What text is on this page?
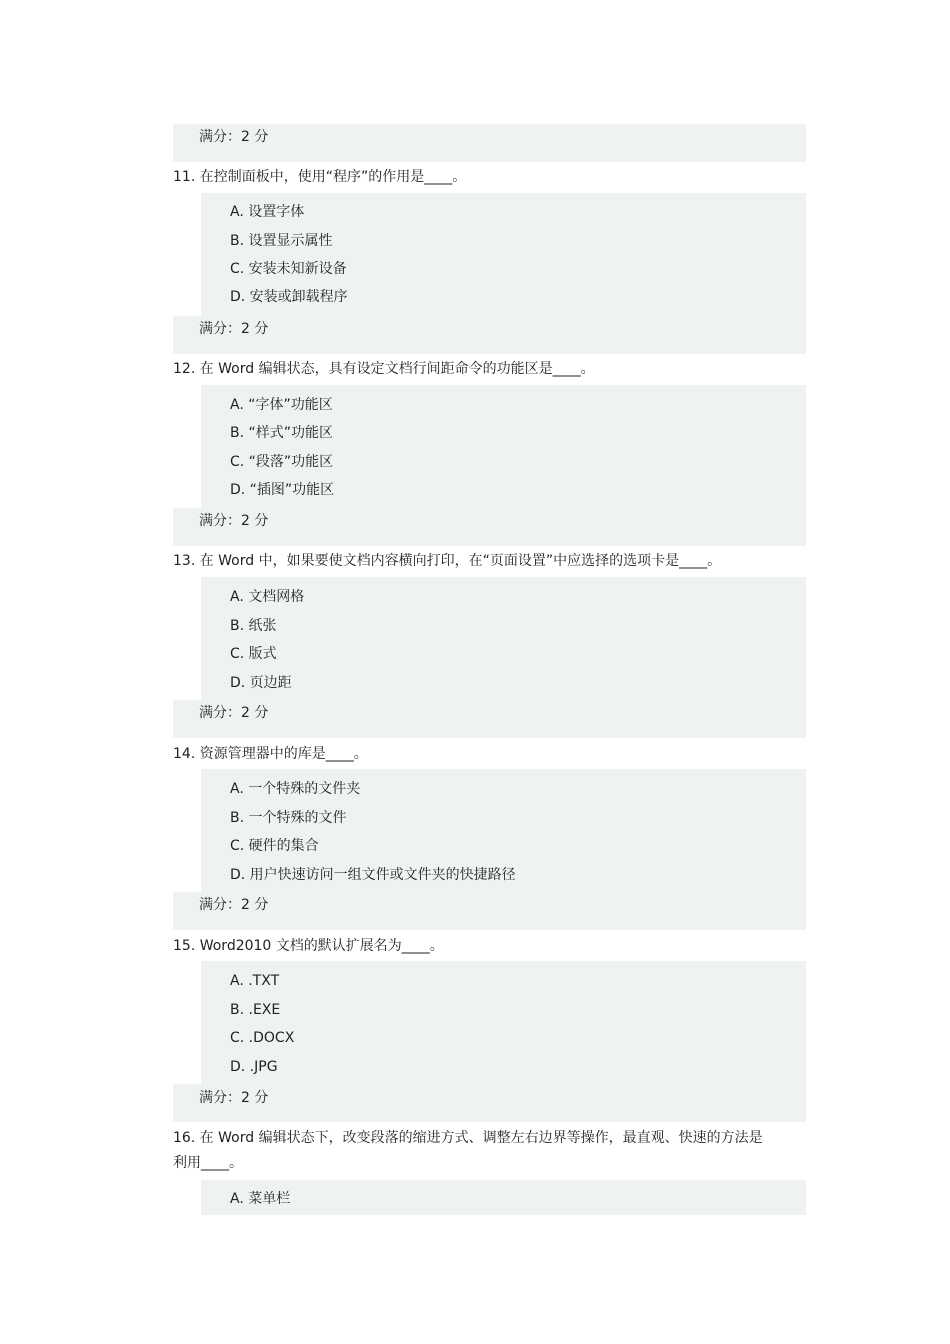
满分：2 分
满分：2 分
满分：2 分
满分：2 分
满分：2 分
满分：2 分
11. 在控制面板中，使用“程序”的作用是____。
A. 设置字体
B. 设置显示属性
C. 安装未知新设备
D. 安装或卸载程序
12. 在 Word 编辑状态，具有设定文档行间距命令的功能区是____。
A. “字体”功能区
B. “样式”功能区
C. “段落”功能区
D. “插图”功能区
13. 在 Word 中，如果要使文档内容横向打印，在“页面设置”中应选择的选项卡是____。
A. 文档网格
B. 纸张
C. 版式
D. 页边距
14. 资源管理器中的库是____。
A. 一个特殊的文件夹
B. 一个特殊的文件
C. 硬件的集合
D. 用户快速访问一组文件或文件夹的快捷路径
15. Word2010 文档的默认扩展名为____。
A. .TXT
B. .EXE
C. .DOCX
D. .JPG
16. 在 Word 编辑状态下，改变段落的缩进方式、调整左右边界等操作，最直观、快速的方法是
利用____。
A. 菜单栏
